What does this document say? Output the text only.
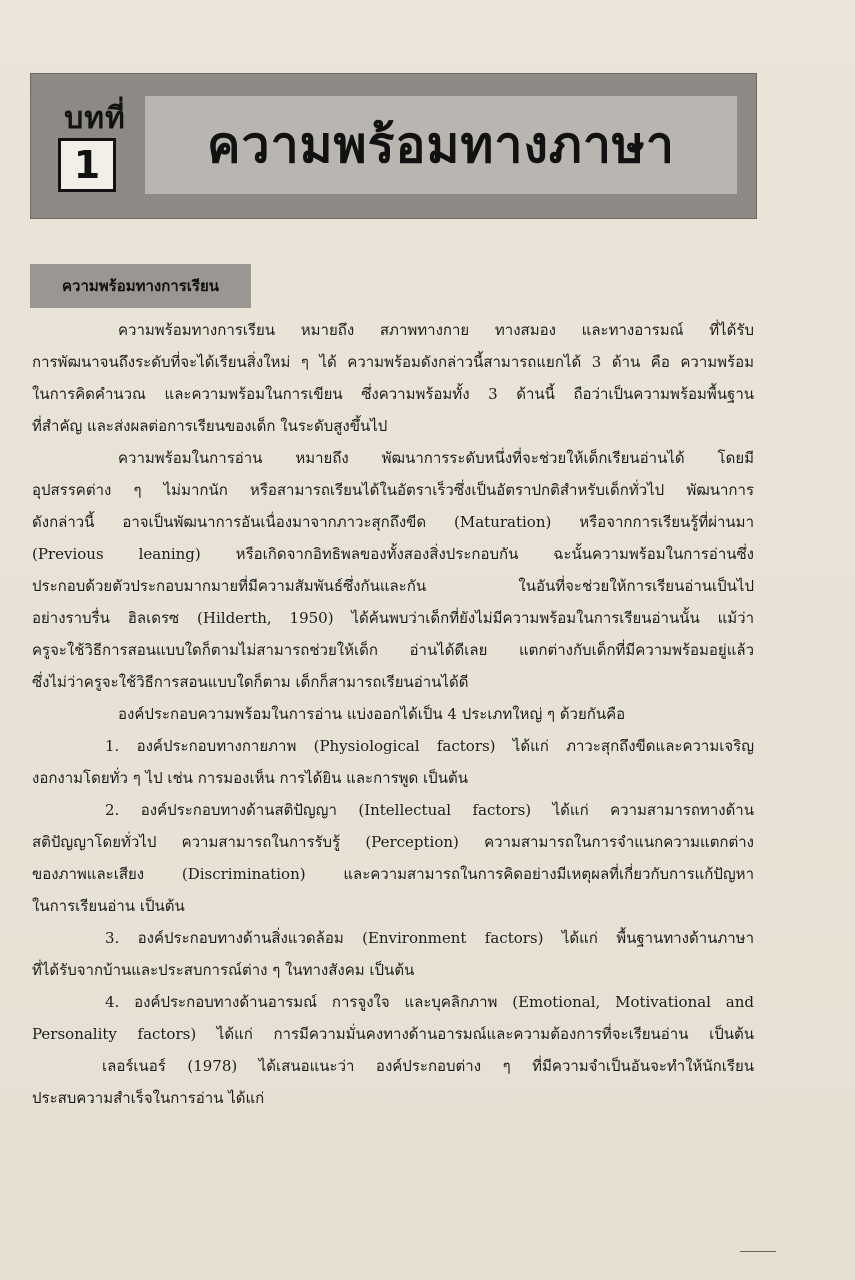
บทที่
1 ความพร้อมทางภาษา
ความพร้อมทางการเรียน
ความพร้อมทางการเรียน หมายถึง สภาพทางกาย ทางสมอง และทางอารมณ์ ที่ได้รับ
การพัฒนาจนถึงระดับที่จะได้เรียนสิ่งใหม่ ๆ ได้ ความพร้อมดังกล่าวนี้สามารถแยกได้ 3 ด้าน คือ ความพร้อม
ในการคิดคำนวณ และความพร้อมในการเขียน ซึ่งความพร้อมทั้ง 3 ด้านนี้ ถือว่าเป็นความพร้อมพื้นฐาน
ที่สำคัญ และส่งผลต่อการเรียนของเด็ก ในระดับสูงขึ้นไป
ความพร้อมในการอ่าน หมายถึง พัฒนาการระดับหนึ่งที่จะช่วยให้เด็กเรียนอ่านได้ โดยมี
อุปสรรคต่าง ๆ ไม่มากนัก หรือสามารถเรียนได้ในอัตราเร็วซึ่งเป็นอัตราปกติสำหรับเด็กทั่วไป พัฒนาการ
ดังกล่าวนี้ อาจเป็นพัฒนาการอันเนื่องมาจากภาวะสุกถึงขีด (Maturation) หรือจากการเรียนรู้ที่ผ่านมา
(Previous leaning) หรือเกิดจากอิทธิพลของทั้งสองสิ่งประกอบกัน ฉะนั้นความพร้อมในการอ่านซึ่ง
ประกอบด้วยตัวประกอบมากมายที่มีความสัมพันธ์ซึ่งกันและกัน ในอันที่จะช่วยให้การเรียนอ่านเป็นไป
อย่างราบรื่น ฮิลเดรซ (Hilderth, 1950) ได้ค้นพบว่าเด็กที่ยังไม่มีความพร้อมในการเรียนอ่านนั้น แม้ว่า
ครูจะใช้วิธีการสอนแบบใดก็ตามไม่สามารถช่วยให้เด็ก อ่านได้ดีเลย แตกต่างกับเด็กที่มีความพร้อมอยู่แล้ว
ซึ่งไม่ว่าครูจะใช้วิธีการสอนแบบใดก็ตาม เด็กก็สามารถเรียนอ่านได้ดี
องค์ประกอบความพร้อมในการอ่าน แบ่งออกได้เป็น 4 ประเภทใหญ่ ๆ ด้วยกันคือ
1. องค์ประกอบทางกายภาพ (Physiological factors) ได้แก่ ภาวะสุกถึงขีดและความเจริญ
งอกงามโดยทั่ว ๆ ไป เช่น การมองเห็น การได้ยิน และการพูด เป็นต้น
2. องค์ประกอบทางด้านสติปัญญา (Intellectual factors) ได้แก่ ความสามารถทางด้าน
สติปัญญาโดยทั่วไป ความสามารถในการรับรู้ (Perception) ความสามารถในการจำแนกความแตกต่าง
ของภาพและเสียง (Discrimination) และความสามารถในการคิดอย่างมีเหตุผลที่เกี่ยวกับการแก้ปัญหา
ในการเรียนอ่าน เป็นต้น
3. องค์ประกอบทางด้านสิ่งแวดล้อม (Environment factors) ได้แก่ พื้นฐานทางด้านภาษา
ที่ได้รับจากบ้านและประสบการณ์ต่าง ๆ ในทางสังคม เป็นต้น
4. องค์ประกอบทางด้านอารมณ์ การจูงใจ และบุคลิกภาพ (Emotional, Motivational and
Personality factors) ได้แก่ การมีความมั่นคงทางด้านอารมณ์และความต้องการที่จะเรียนอ่าน เป็นต้น
เลอร์เนอร์ (1978) ได้เสนอแนะว่า องค์ประกอบต่าง ๆ ที่มีความจำเป็นอันจะทำให้นักเรียน
ประสบความสำเร็จในการอ่าน ได้แก่
